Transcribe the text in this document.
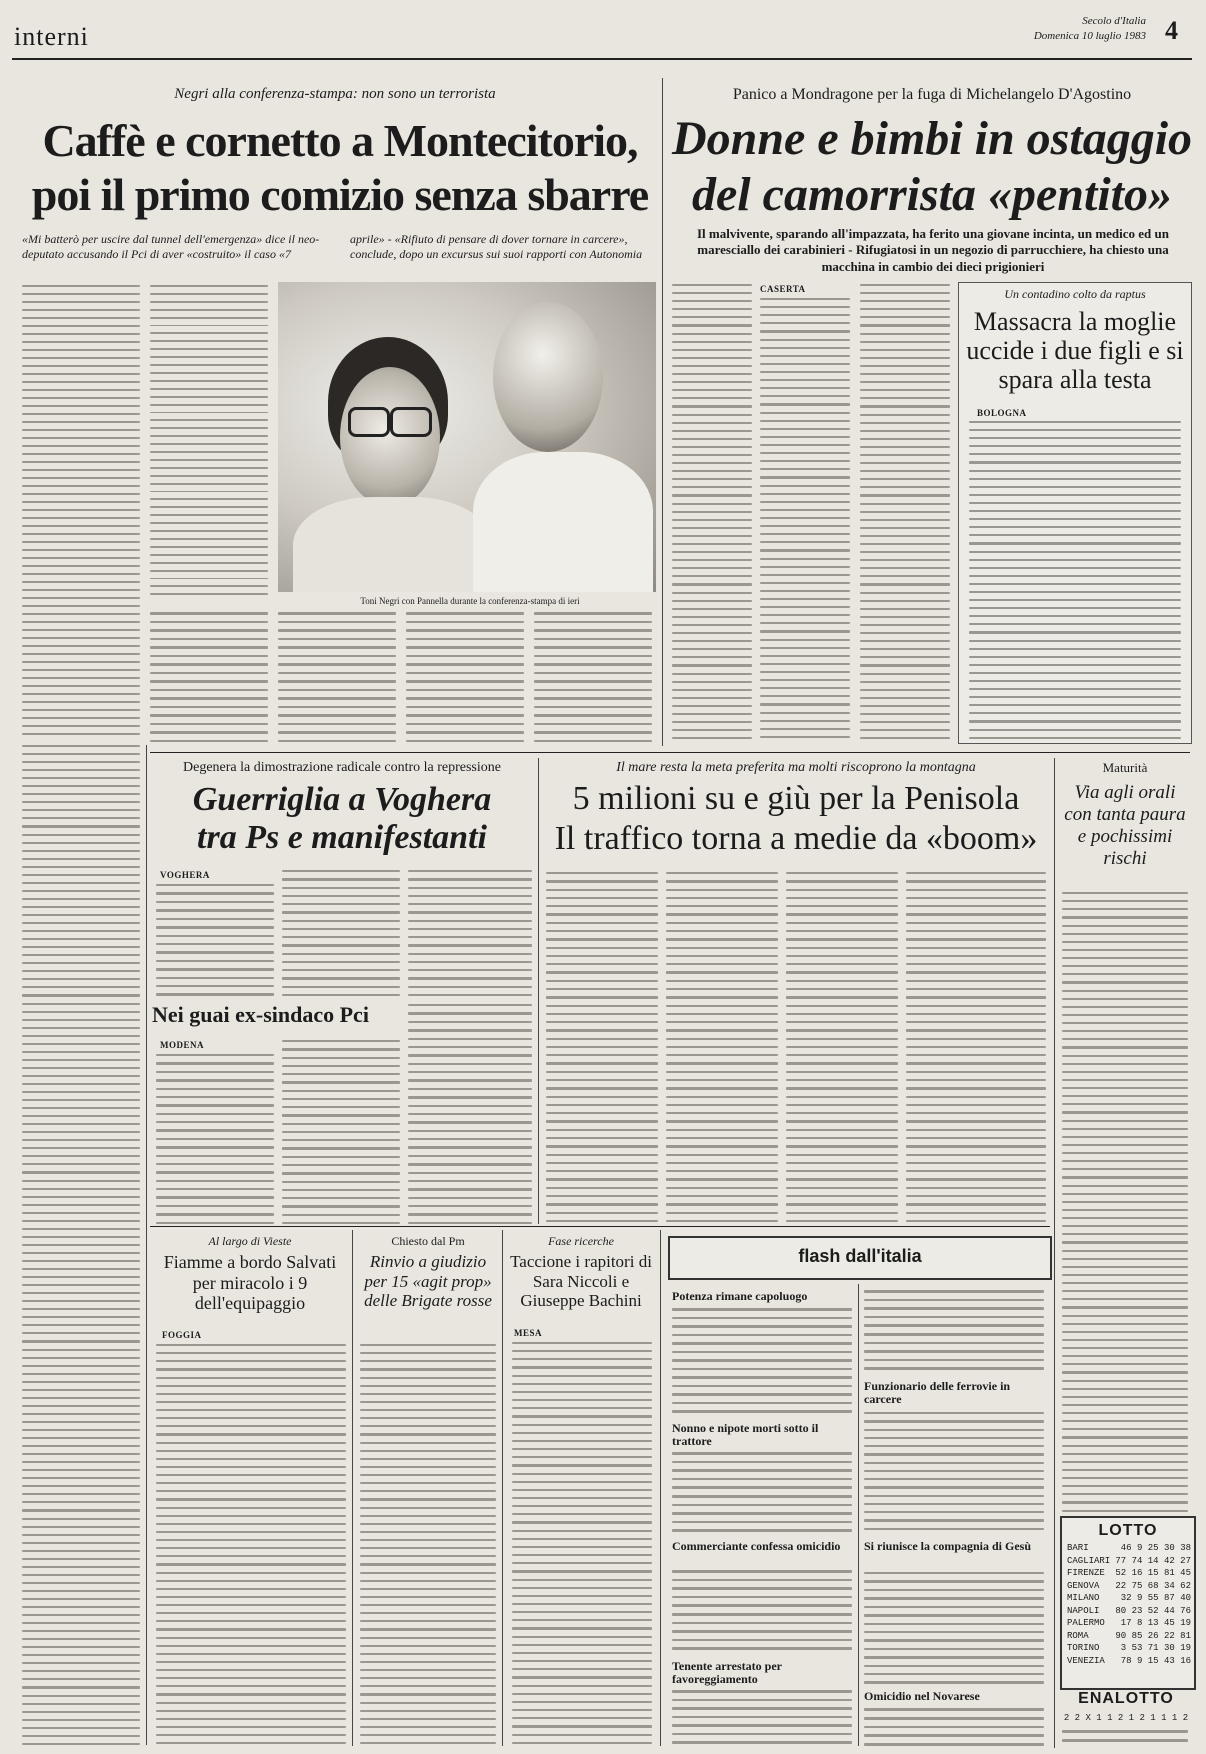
interni
Secolo d'Italia
Domenica 10 luglio 1983 4
Negri alla conferenza-stampa: non sono un terrorista
Caffè e cornetto a Montecitorio,
poi il primo comizio senza sbarre
«Mi batterò per uscire dal tunnel dell'emergenza» dice il neo-deputato accusando il Pci di aver «costruito» il caso «7
aprile» - «Rifiuto di pensare di dover tornare in carcere», conclude, dopo un excursus sui suoi rapporti con Autonomia
Toni Negri con Pannella durante la conferenza-stampa di ieri
Panico a Mondragone per la fuga di Michelangelo D'Agostino
Donne e bimbi in ostaggio
del camorrista «pentito»
Il malvivente, sparando all'impazzata, ha ferito una giovane incinta, un medico ed un maresciallo dei carabinieri - Rifugiatosi in un negozio di parrucchiere, ha chiesto una macchina in cambio dei dieci prigionieri
CASERTA	Un contadino colto da raptus
Massacra la moglie uccide i due figli e si spara alla testa
BOLOGNA
Degenera la dimostrazione radicale contro la repressione
Guerriglia a Voghera
tra Ps e manifestanti
VOGHERA
Nei guai ex-sindaco Pci
MODENA
Il mare resta la meta preferita ma molti riscoprono la montagna
5 milioni su e giù per la Penisola
Il traffico torna a medie da «boom»
Maturità
Via agli orali con tanta paura e pochissimi rischi
Al largo di Vieste
Fiamme a bordo Salvati per miracolo i 9 dell'equipaggio
FOGGIA
Chiesto dal Pm
Rinvio a giudizio per 15 «agit prop» delle Brigate rosse
Fase ricerche
Taccione i rapitori di Sara Niccoli e Giuseppe Bachini
MESA
flash dall'italia
Potenza rimane capoluogo
Nonno e nipote morti sotto il trattore
Commerciante confessa omicidio
Tenente arrestato per favoreggiamento
Funzionario delle ferrovie in carcere
Si riunisce la compagnia di Gesù
Omicidio nel Novarese
LOTTO
BARI	46 9 25 30 38
CAGLIARI 77 74 14 42 27
FIRENZE 52 16 15 81 45
GENOVA 22 75 68 34 62
MILANO 32 9 55 87 40
NAPOLI 80 23 52 44 76
PALERMO 17 8 13 45 19
ROMA	90 85 26 22 81
TORINO 3 53 71 30 19
VENEZIA 78 9 15 43 16
ENALOTTO
2 2 X 1 1 2 1 2 1 1 1 2
